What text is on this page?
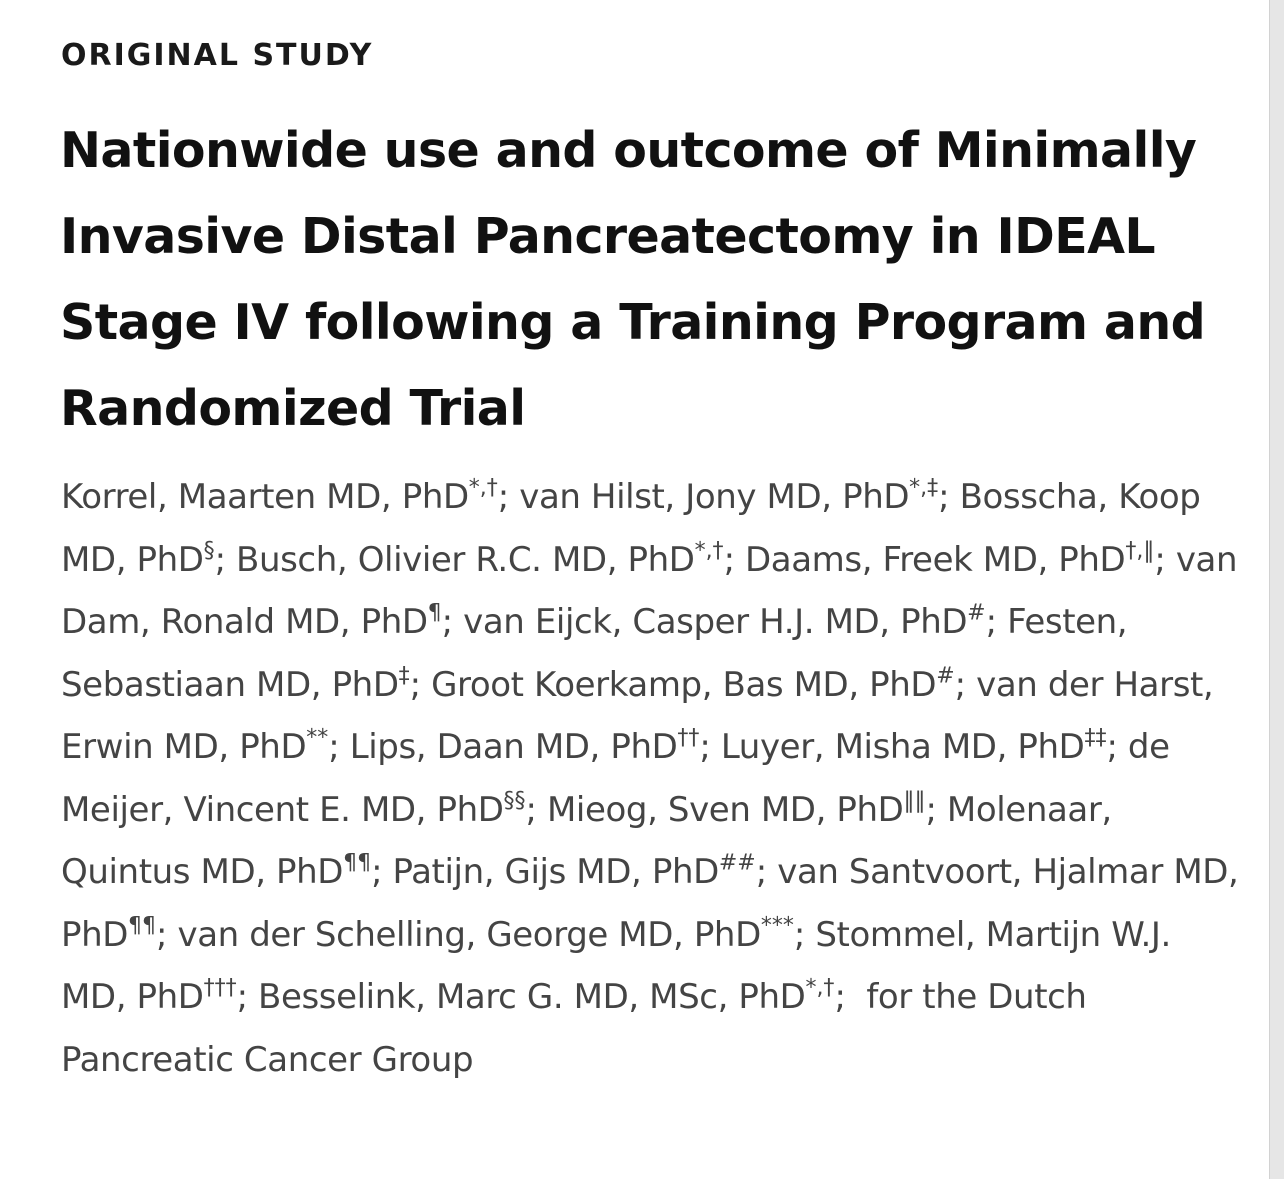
ORIGINAL STUDY
Nationwide use and outcome of Minimally Invasive Distal Pancreatectomy in IDEAL Stage IV following a Training Program and Randomized Trial

Korrel, Maarten MD, PhD*,†; van Hilst, Jony MD, PhD*,‡; Bosscha, Koop MD, PhD§; Busch, Olivier R.C. MD, PhD*,†; Daams, Freek MD, PhD†,‖; van Dam, Ronald MD, PhD¶; van Eijck, Casper H.J. MD, PhD#; Festen, Sebastiaan MD, PhD‡; Groot Koerkamp, Bas MD, PhD#; van der Harst, Erwin MD, PhD**; Lips, Daan MD, PhD††; Luyer, Misha MD, PhD‡‡; de Meijer, Vincent E. MD, PhD§§; Mieog, Sven MD, PhD‖‖; Molenaar, Quintus MD, PhD¶¶; Patijn, Gijs MD, PhD##; van Santvoort, Hjalmar MD, PhD¶¶; van der Schelling, George MD, PhD***; Stommel, Martijn W.J. MD, PhD†††; Besselink, Marc G. MD, MSc, PhD*,†;  for the Dutch Pancreatic Cancer Group
